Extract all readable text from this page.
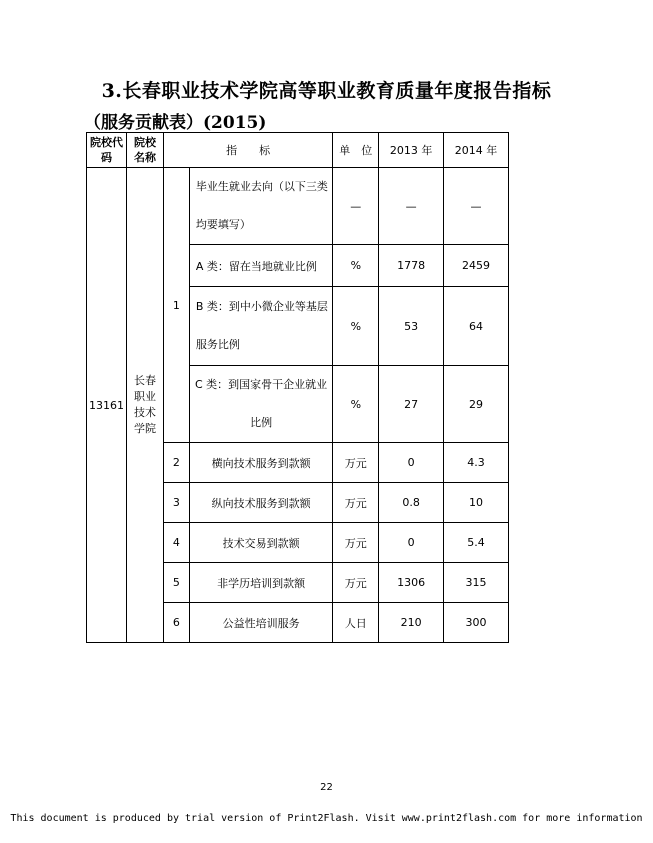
3.长春职业技术学院高等职业教育质量年度报告指标
（服务贡献表）(2015)
院校代码	院校名称	指　　标		单　位	2013 年	2014 年
13161	长春职业技术学院	1	毕业生就业去向（以下三类均要填写）	—	—	—
			A 类：留在当地就业比例	%	1778	2459
			B 类：到中小微企业等基层服务比例	%	53	64
			C 类：到国家骨干企业就业比例	%	27	29
		2	横向技术服务到款额	万元	0	4.3
		3	纵向技术服务到款额	万元	0.8	10
		4	技术交易到款额	万元	0	5.4
		5	非学历培训到款额	万元	1306	315
		6	公益性培训服务	人日	210	300
22
This document is produced by trial version of Print2Flash. Visit www.print2flash.com for more information
